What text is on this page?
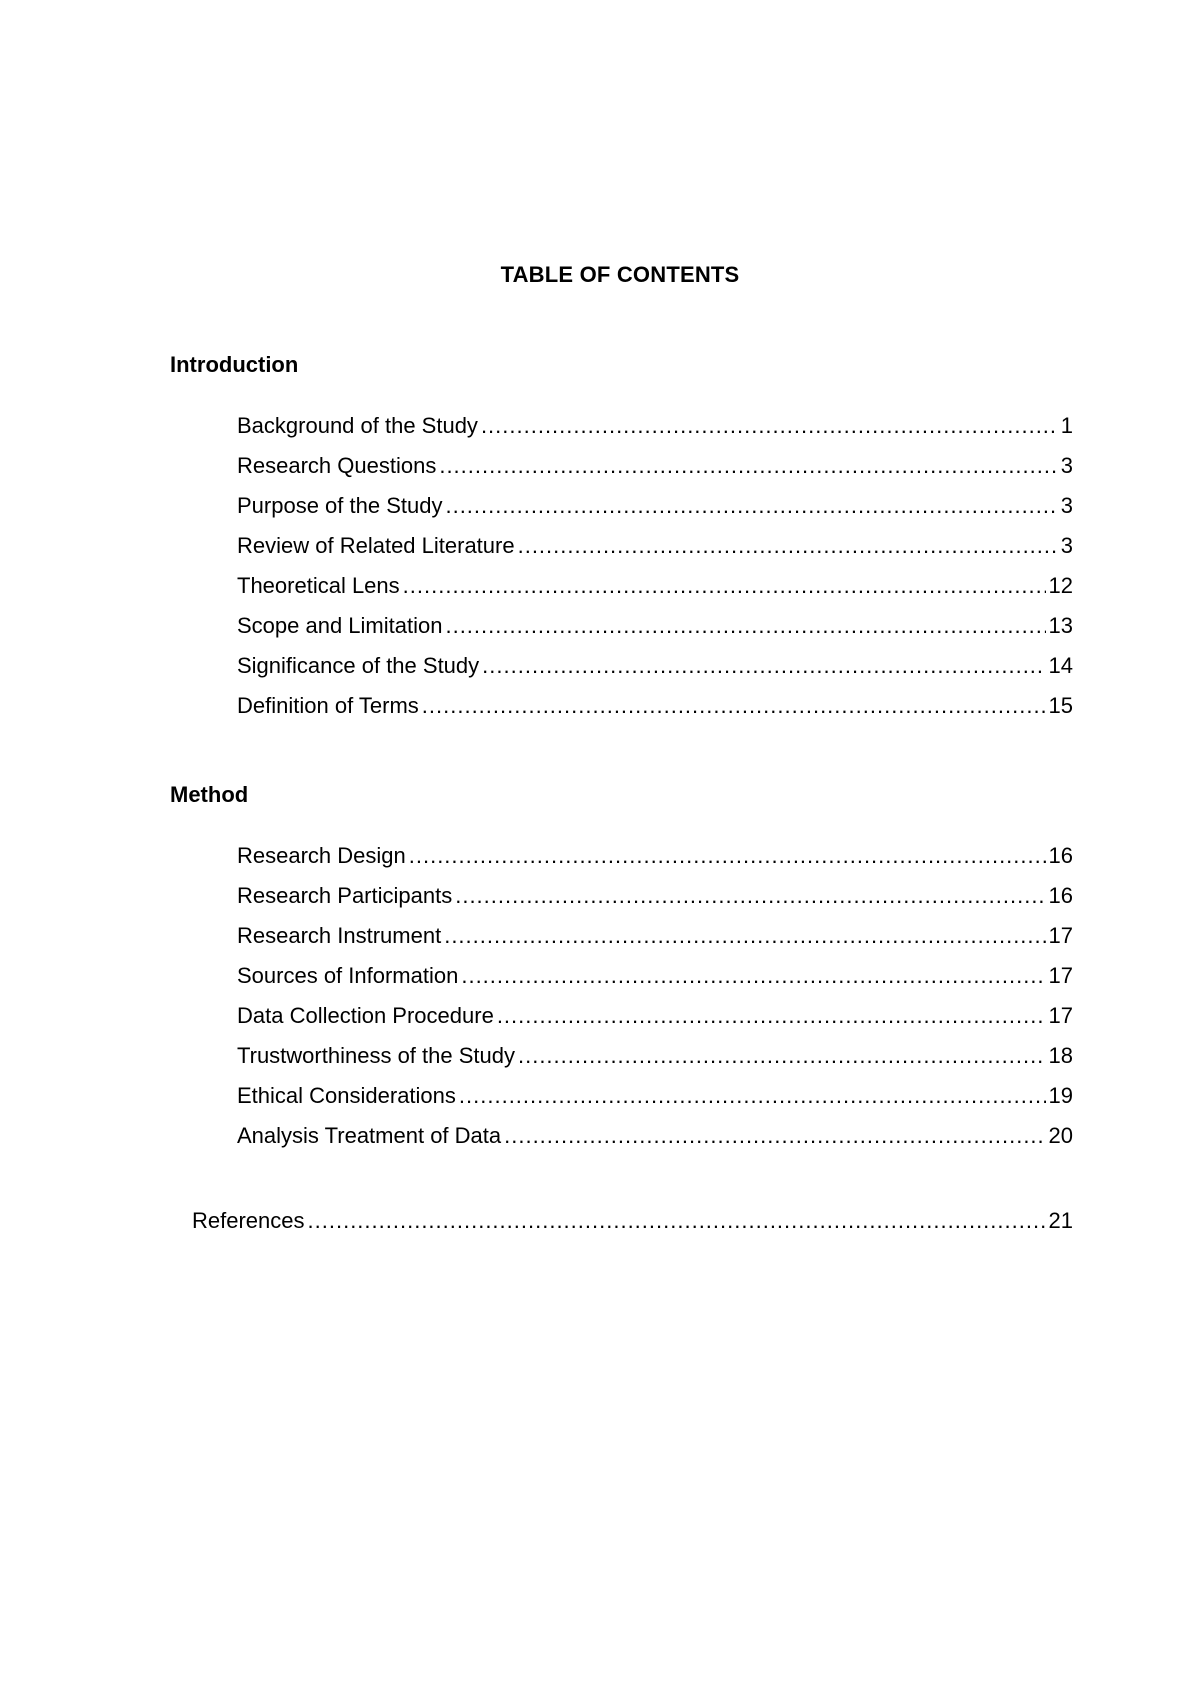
TABLE OF CONTENTS
Introduction
Background of the Study .....	1
Research Questions .....	3
Purpose of the Study .....	3
Review of Related Literature .....	3
Theoretical Lens .....	12
Scope and Limitation .....	13
Significance of the Study .....	14
Definition of Terms .....	15
Method
Research Design .....	16
Research Participants .....	16
Research Instrument .....	17
Sources of Information .....	17
Data Collection Procedure .....	17
Trustworthiness of the Study .....	18
Ethical Considerations .....	19
Analysis Treatment of Data .....	20
References .....	21
